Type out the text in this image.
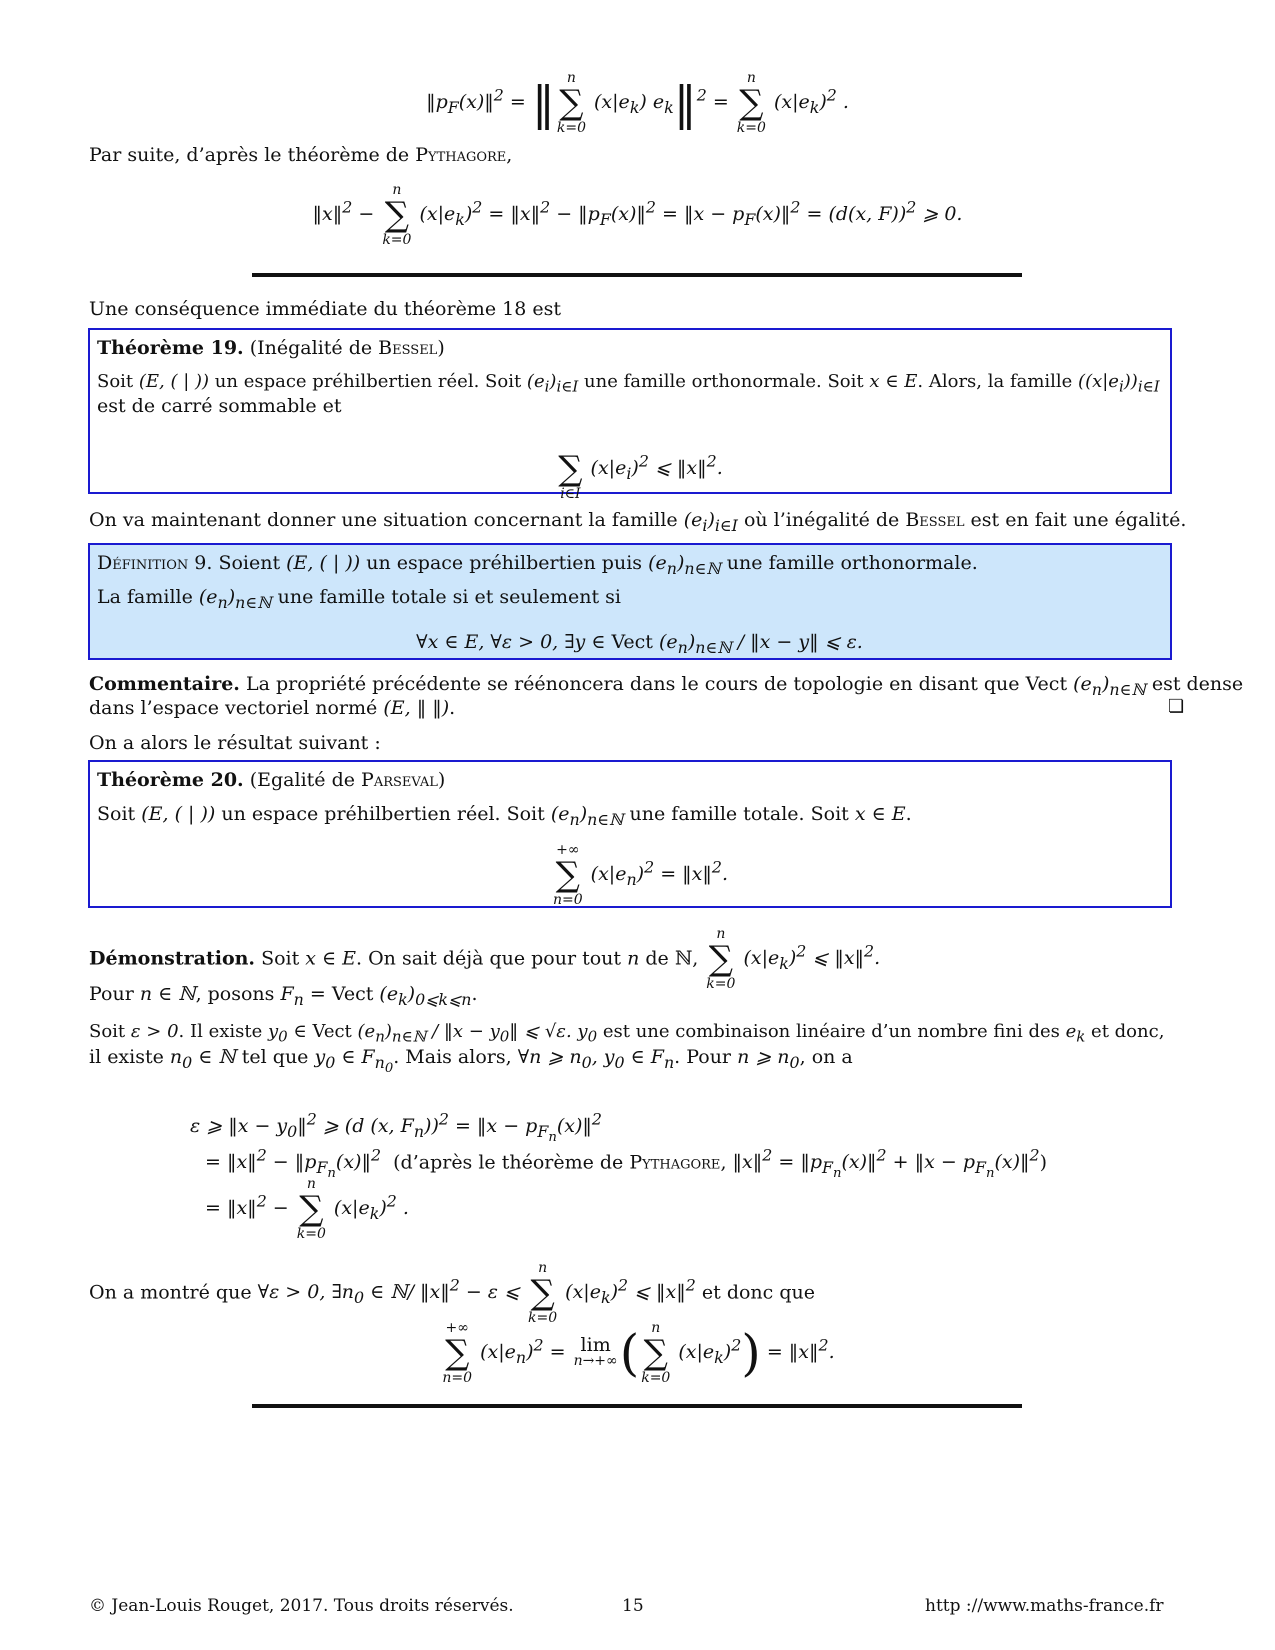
$‖p_F(x)‖^2$ = ‖ n
∑
k=0
$(x|e_k)$ $e_k‖^2$ =
n
∑
k=0
$(x|e_k)^2$ .
Par suite, d’après le théorème de Pythagore,
‖x‖$^2$ −
n
∑
k=0
$(x|e_k)^2$ = ‖x‖$^2$ − $‖p_F(x)‖^2$ = ‖x − $p_F(x)‖^2 = (d(x$, F))$^2$ ⩾ 0.
Une conséquence immédiate du théorème 18 est
Théorème 19. (Inégalité de Bessel)
Soit (E, ( | )) un espace préhilbertien réel. Soit $(e_i)_{i\in I}$ une famille orthonormale. Soit x ∈ E. Alors, la famille $((x|e_i))_{i\in I}$
est de carré sommable et

∑
i∈I
$(x|e_i)^2$ ⩽ ‖x‖$^2$.
On va maintenant donner une situation concernant la famille $(e_i)_{i\in I}$ où l’inégalité de Bessel est en fait une égalité.
Définition 9. Soient (E, ( | )) un espace préhilbertien puis $(e_n)_{n\in ℕ}$ une famille orthonormale.
La famille $(e_n)_{n\in ℕ}$ une famille totale si et seulement si
∀x ∈ E, ∀ε > 0, ∃y ∈ Vect $(e_n)_{n\in ℕ}$ / ‖x − y‖ ⩽ ε.
Commentaire. La propriété précédente se réénoncera dans le cours de topologie en disant que Vect $(e_n)_{n\in ℕ}$ est dense
dans l’espace vectoriel normé (E, ‖ ‖).	❏
On a alors le résultat suivant :
Théorème 20. (Egalité de Parseval)
Soit (E, ( | )) un espace préhilbertien réel. Soit $(e_n)_{n\in ℕ}$ une famille totale. Soit x ∈ E.
+∞
∑
n=0
$(x|e_n)^2$ = ‖x‖$^2$.
Démonstration. Soit x ∈ E. On sait déjà que pour tout n de ℕ,
n
∑
k=0
$(x|e_k)^2$ ⩽ ‖x‖$^2$.
Pour n ∈ ℕ, posons $F_n$ = Vect $(e_k)_{0⩽k⩽n}$.
Soit ε > 0. Il existe $y_0$ ∈ Vect $(e_n)_{n\in ℕ}$ / ‖x − $y_0‖$ ⩽ √ε. $y_0$ est une combinaison linéaire d’un nombre fini des $e_k$ et donc,
il existe $n_0$ ∈ ℕ tel que $y_0$ ∈ $F_{n_0}$. Mais alors, ∀n ⩾ $n_0$, $y_0$ ∈ $F_n$. Pour n ⩾ $n_0$, on a
ε ⩾ ‖x − $y_0‖^2$ ⩾ (d (x, $F_n))^2$ = ‖x − $p_{F_n}(x)‖^2$
= ‖x‖$^2$ − $‖p_{F_n}(x)‖^2$  (d’après le théorème de Pythagore, ‖x‖$^2$ = $‖p_{F_n}(x)‖^2$ + ‖x − $p_{F_n}(x)‖^2$)
= ‖x‖$^2$ −
n
∑
k=0
$(x|e_k)^2$ .
On a montré que ∀ε > 0, $\exists n_0$ ∈ ℕ/ ‖x‖$^2$ − ε ⩽
n
∑
k=0
$(x|e_k)^2$ ⩽ ‖x‖$^2$ et donc que
+∞
∑
n=0
$(x|e_n)^2 = \lim$
n→+∞ ( n
∑
k=0
$(x|e_k)^2$) = ‖x‖$^2$.
© Jean-Louis Rouget, 2017. Tous droits réservés.	15	http ://www.maths-france.fr
